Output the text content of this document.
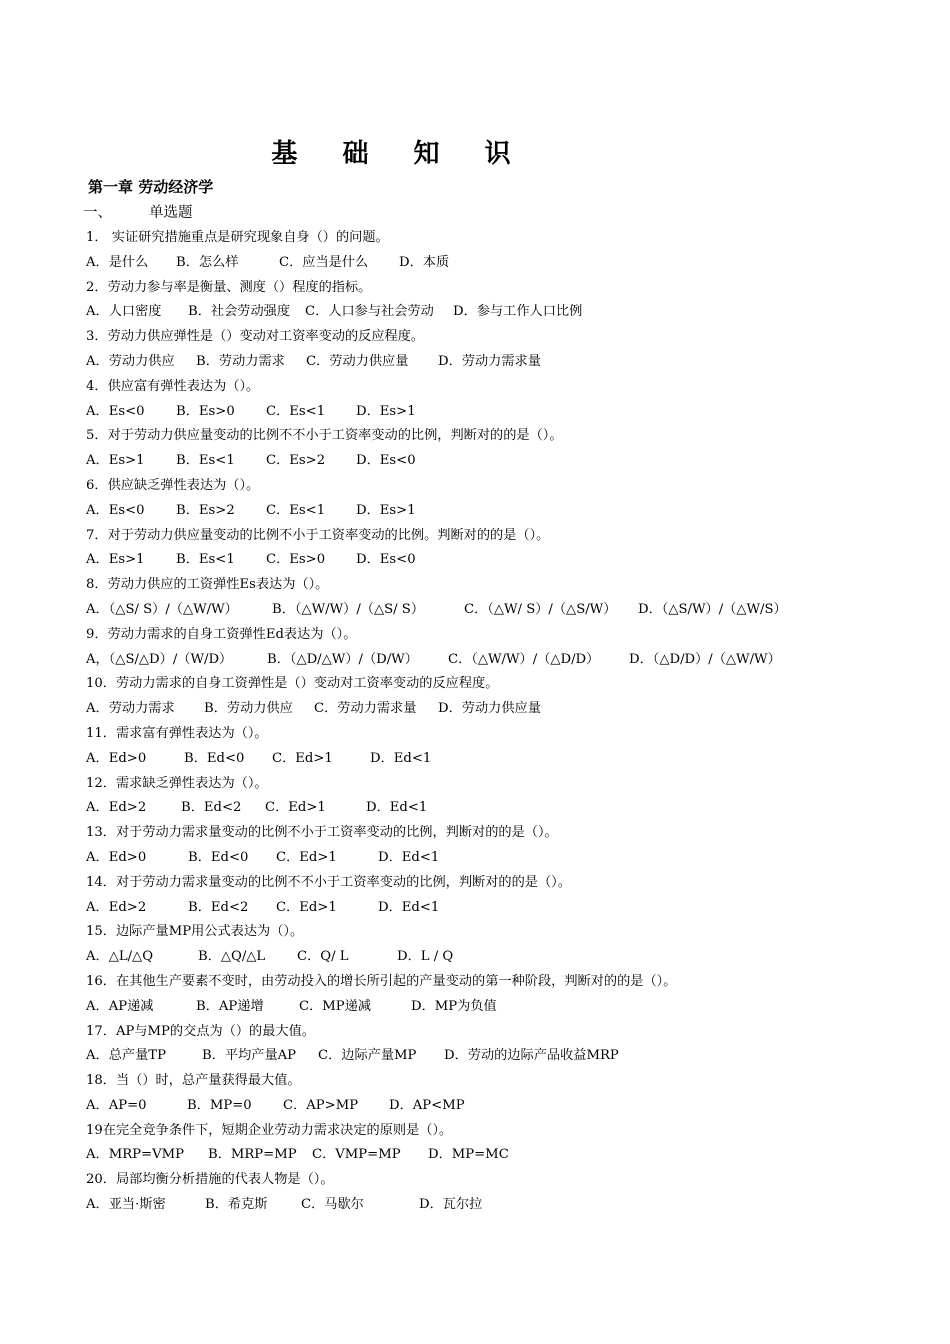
基 础 知 识
第一章 劳动经济学
一、	单选题
1． 实证研究措施重点是研究现象自身（）的问题。
A．是什么 B．怎么样	C．应当是什么 D．本质
2．劳动力参与率是衡量、测度（）程度的指标。
A．人口密度 B．社会劳动强度 C．人口参与社会劳动 D．参与工作人口比例
3．劳动力供应弹性是（）变动对工资率变动的反应程度。
A．劳动力供应 B．劳动力需求 C．劳动力供应量 D．劳动力需求量
4．供应富有弹性表达为（）。
A．Es<0 B．Es>0 C．Es<1 D．Es>1
5．对于劳动力供应量变动的比例不不小于工资率变动的比例，判断对的的是（）。
A．Es>1 B．Es<1 C．Es>2 D．Es<0
6．供应缺乏弹性表达为（）。
A．Es<0 B．Es>2 C．Es<1 D．Es>1
7．对于劳动力供应量变动的比例不小于工资率变动的比例。判断对的的是（）。
A．Es>1 B．Es<1 C．Es>0 D．Es<0
8．劳动力供应的工资弹性Es表达为（）。
A．（△S/ S）/（△W/W）	B．（△W/W）/（△S/ S）	C．（△W/ S）/（△S/W） D．（△S/W）/（△W/S）
9．劳动力需求的自身工资弹性Ed表达为（）。
A，（△S/△D）/（W/D）	B．（△D/△W）/（D/W） C．（△W/W）/（△D/D） D．（△D/D）/（△W/W）
10．劳动力需求的自身工资弹性是（）变动对工资率变动的反应程度。
A．劳动力需求 B．劳动力供应 C．劳动力需求量 D．劳动力供应量
11．需求富有弹性表达为（）。
A．Ed>0	B．Ed<0 C．Ed>1	D．Ed<1
12．需求缺乏弹性表达为（）。
A．Ed>2	B．Ed<2 C．Ed>1	D．Ed<1
13．对于劳动力需求量变动的比例不小于工资率变动的比例，判断对的的是（）。
A．Ed>0	B．Ed<0 C．Ed>1	D．Ed<1
14．对于劳动力需求量变动的比例不不小于工资率变动的比例，判断对的的是（）。
A．Ed>2	B．Ed<2 C．Ed>1	D．Ed<1
15．边际产量MP用公式表达为（）。
A．△L/△Q	B．△Q/△L C．Q/ L	D．L / Q
16．在其他生产要素不变时，由劳动投入的增长所引起的产量变动的第一种阶段，判断对的的是（）。
A．AP递减	B．AP递增	C．MP递减	D．MP为负值
17．AP与MP的交点为（）的最大值。
A．总产量TP	B．平均产量AP C．边际产量MP D．劳动的边际产品收益MRP
18．当（）时，总产量获得最大值。
A．AP=0	B．MP=0 C．AP>MP D．AP<MP
19在完全竞争条件下，短期企业劳动力需求决定的原则是（）。
A．MRP=VMP B．MRP=MP C．VMP=MP D．MP=MC
20．局部均衡分析措施的代表人物是（）。
A．亚当·斯密	B．希克斯	C．马歇尔	D．瓦尔拉
